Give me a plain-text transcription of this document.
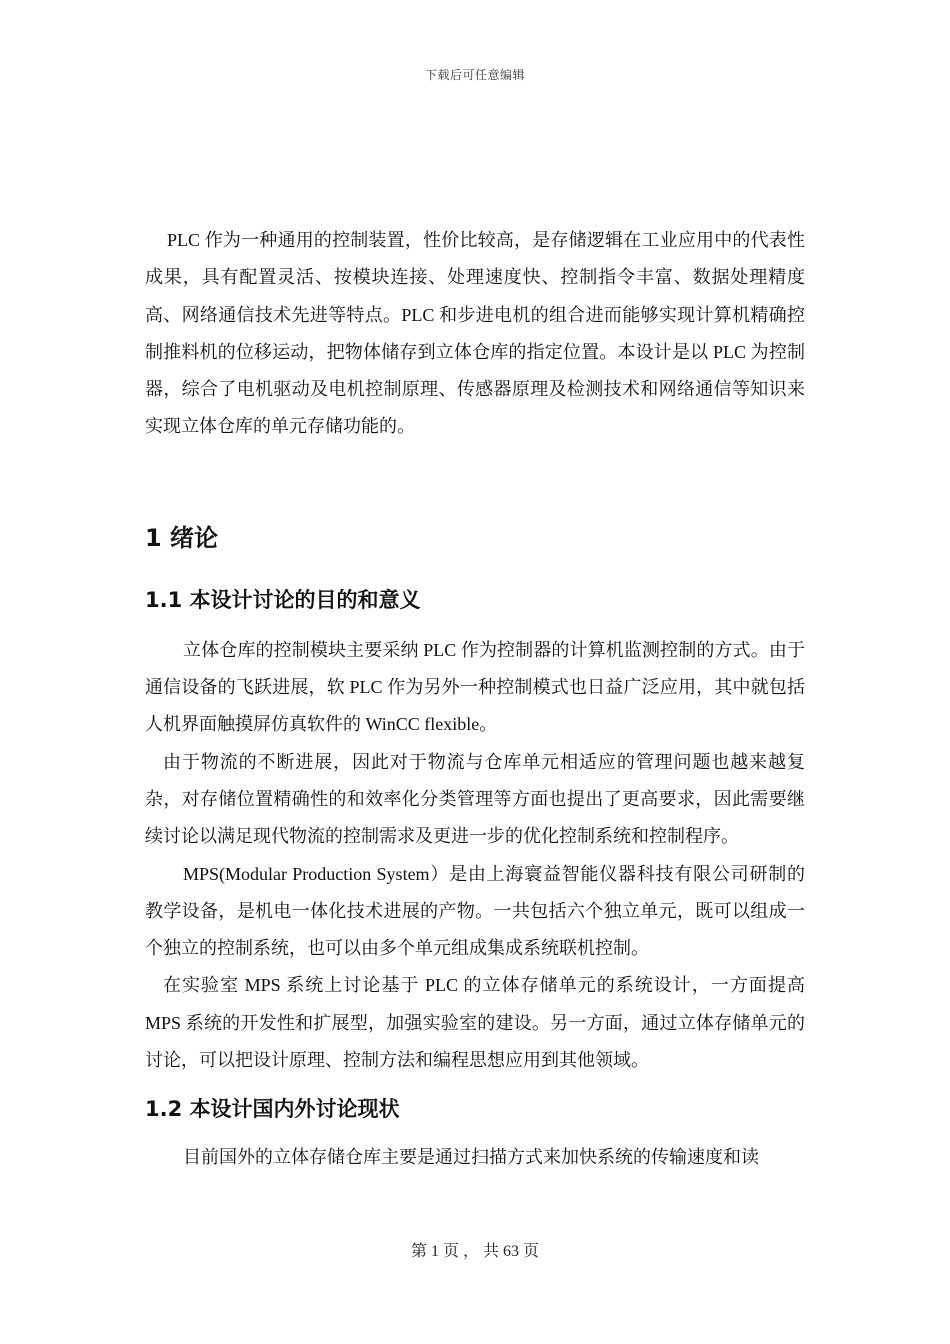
下载后可任意编辑

PLC 作为一种通用的控制装置，性价比较高，是存储逻辑在工业应用中的代表性成果，具有配置灵活、按模块连接、处理速度快、控制指令丰富、数据处理精度高、网络通信技术先进等特点。PLC 和步进电机的组合进而能够实现计算机精确控制推料机的位移运动，把物体储存到立体仓库的指定位置。本设计是以 PLC 为控制器，综合了电机驱动及电机控制原理、传感器原理及检测技术和网络通信等知识来实现立体仓库的单元存储功能的。

1 绪论
1.1 本设计讨论的目的和意义

立体仓库的控制模块主要采纳 PLC 作为控制器的计算机监测控制的方式。由于通信设备的飞跃进展，软 PLC 作为另外一种控制模式也日益广泛应用，其中就包括人机界面触摸屏仿真软件的 WinCC flexible。

由于物流的不断进展，因此对于物流与仓库单元相适应的管理问题也越来越复杂，对存储位置精确性的和效率化分类管理等方面也提出了更高要求，因此需要继续讨论以满足现代物流的控制需求及更进一步的优化控制系统和控制程序。

MPS(Modular Production System）是由上海寰益智能仪器科技有限公司研制的教学设备，是机电一体化技术进展的产物。一共包括六个独立单元，既可以组成一个独立的控制系统，也可以由多个单元组成集成系统联机控制。

在实验室 MPS 系统上讨论基于 PLC 的立体存储单元的系统设计，一方面提高 MPS 系统的开发性和扩展型，加强实验室的建设。另一方面，通过立体存储单元的讨论，可以把设计原理、控制方法和编程思想应用到其他领域。

1.2 本设计国内外讨论现状

目前国外的立体存储仓库主要是通过扫描方式来加快系统的传输速度和读

第 1 页 ， 共 63 页
